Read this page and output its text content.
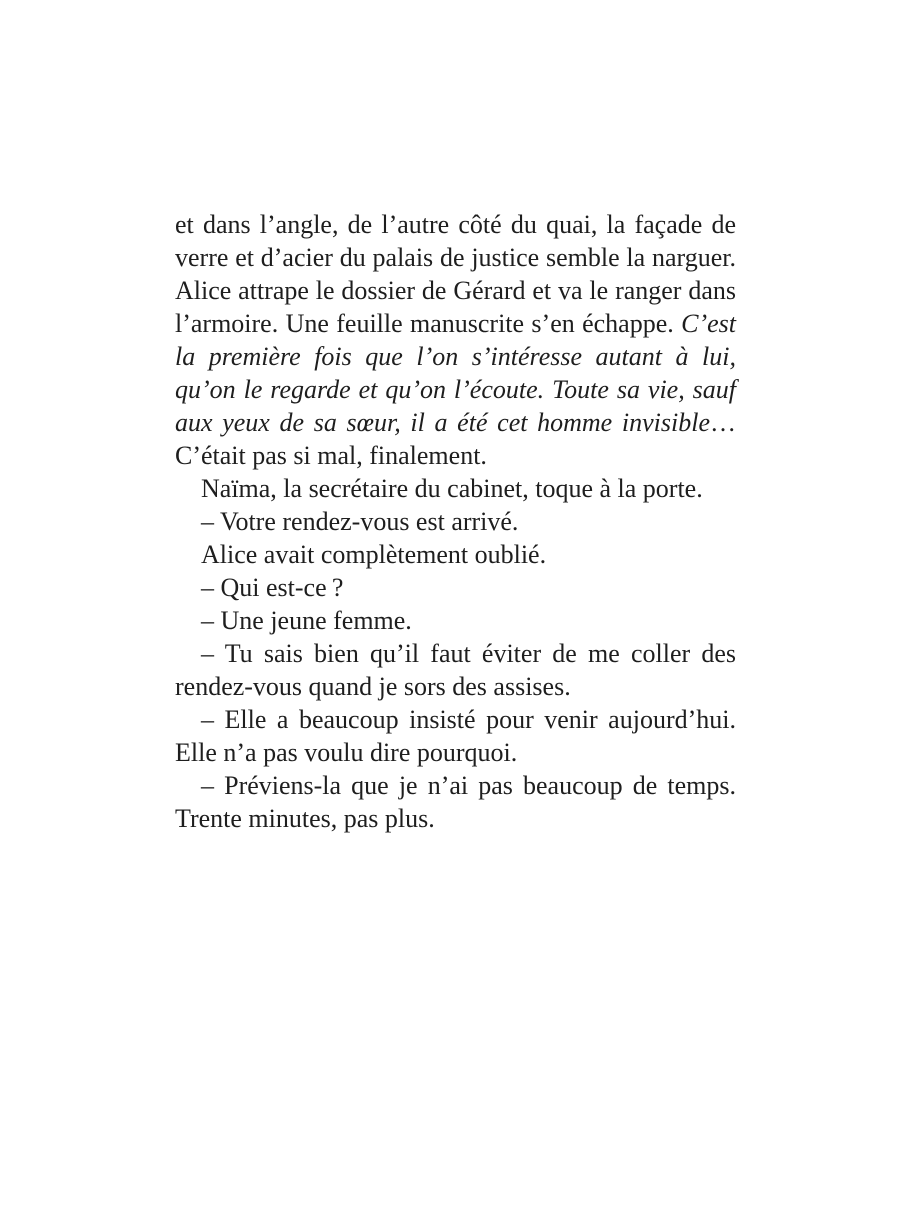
et dans l’angle, de l’autre côté du quai, la façade de verre et d’acier du palais de justice semble la narguer. Alice attrape le dossier de Gérard et va le ranger dans l’armoire. Une feuille manuscrite s’en échappe. C’est la première fois que l’on s’intéresse autant à lui, qu’on le regarde et qu’on l’écoute. Toute sa vie, sauf aux yeux de sa sœur, il a été cet homme invisible… C’était pas si mal, finalement.

Naïma, la secrétaire du cabinet, toque à la porte.

– Votre rendez-vous est arrivé.

Alice avait complètement oublié.

– Qui est-ce ?

– Une jeune femme.

– Tu sais bien qu’il faut éviter de me coller des rendez-vous quand je sors des assises.

– Elle a beaucoup insisté pour venir aujourd’hui. Elle n’a pas voulu dire pourquoi.

– Préviens-la que je n’ai pas beaucoup de temps. Trente minutes, pas plus.
